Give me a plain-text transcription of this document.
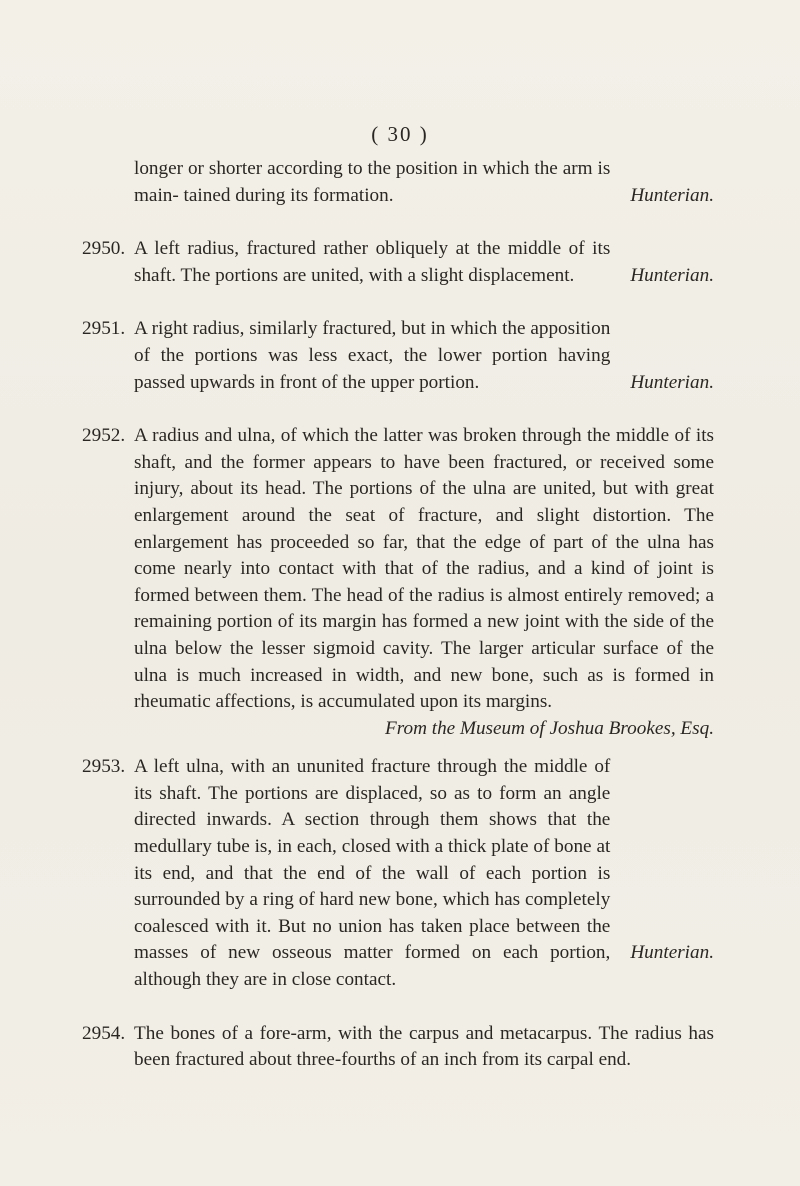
( 30 )
Hunterian.
longer or shorter according to the position in which the arm is main- tained during its formation.
2950.
Hunterian.
A left radius, fractured rather obliquely at the middle of its shaft. The portions are united, with a slight displacement.
2951.
Hunterian.
A right radius, similarly fractured, but in which the apposition of the portions was less exact, the lower portion having passed upwards in front of the upper portion.
2952. A radius and ulna, of which the latter was broken through the middle of its shaft, and the former appears to have been fractured, or received some injury, about its head. The portions of the ulna are united, but with great enlargement around the seat of fracture, and slight distortion. The enlargement has proceeded so far, that the edge of part of the ulna has come nearly into contact with that of the radius, and a kind of joint is formed between them. The head of the radius is almost entirely removed; a remaining portion of its margin has formed a new joint with the side of the ulna below the lesser sigmoid cavity. The larger articular surface of the ulna is much increased in width, and new bone, such as is formed in rheumatic affections, is accumulated upon its margins.
From the Museum of Joshua Brookes, Esq.
2953.
Hunterian.
A left ulna, with an ununited fracture through the middle of its shaft. The portions are displaced, so as to form an angle directed inwards. A section through them shows that the medullary tube is, in each, closed with a thick plate of bone at its end, and that the end of the wall of each portion is surrounded by a ring of hard new bone, which has completely coalesced with it. But no union has taken place between the masses of new osseous matter formed on each portion, although they are in close contact.
2954. The bones of a fore-arm, with the carpus and metacarpus. The radius has been fractured about three-fourths of an inch from its carpal end.
